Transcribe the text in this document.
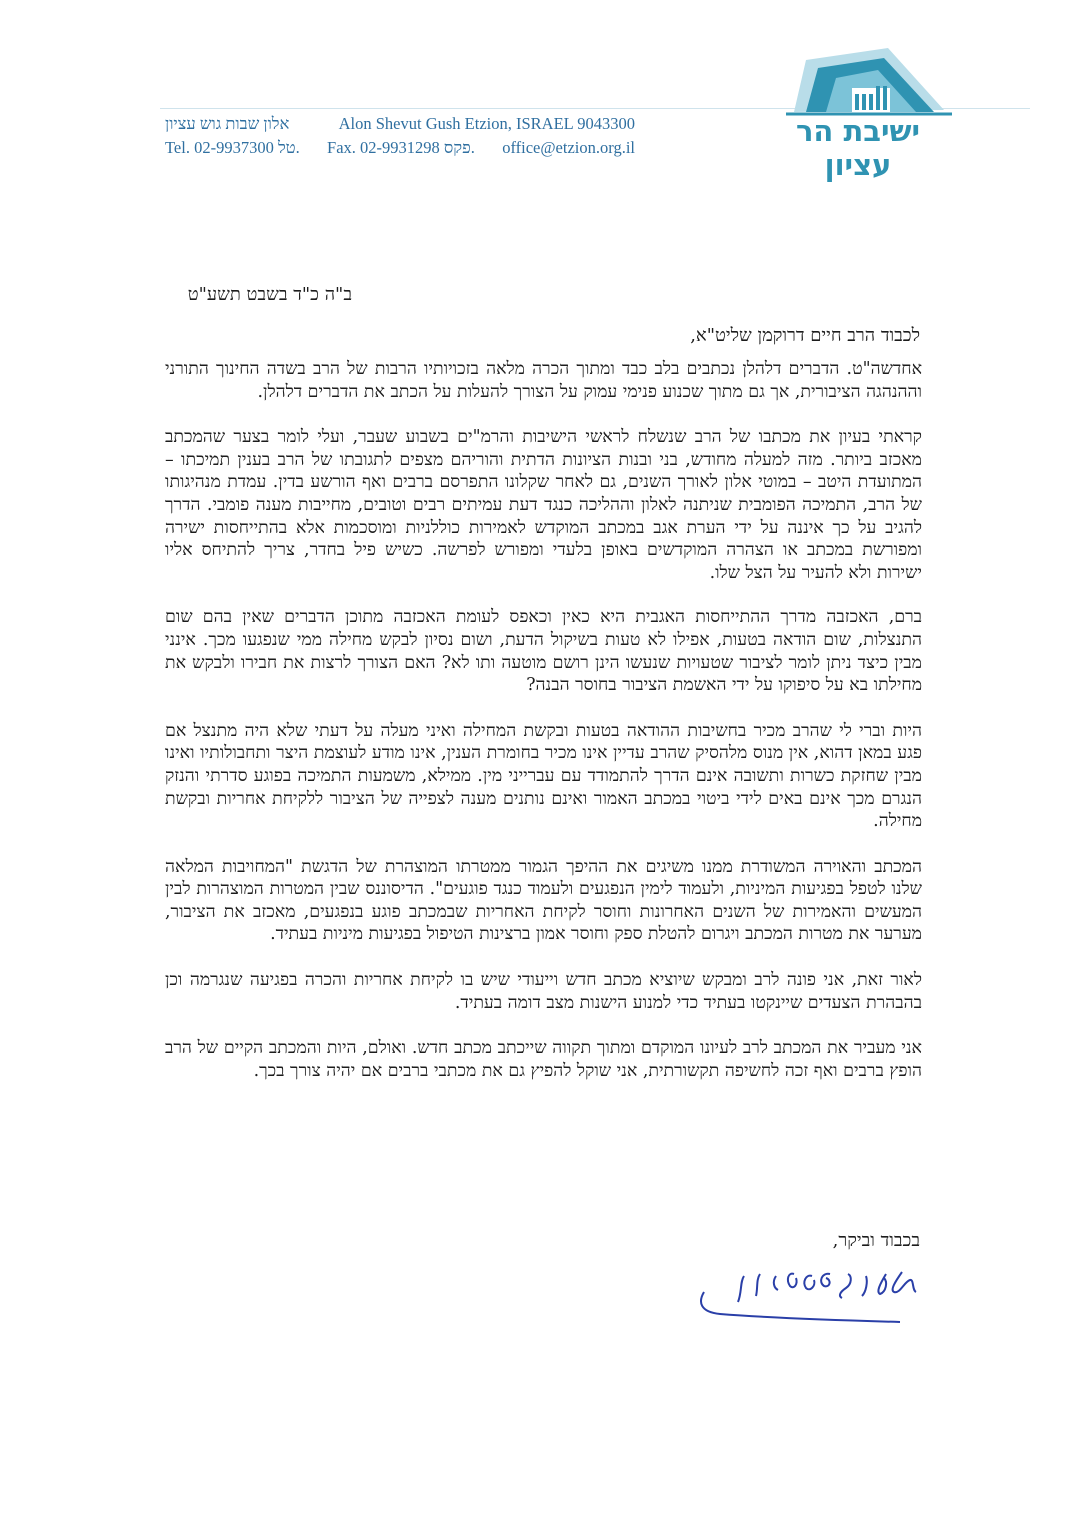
ישיבת הר עציון
אלון שבות גוש עציון	Alon Shevut Gush Etzion, ISRAEL 9043300
Tel. 02-9937300 טל. Fax. 02-9931298 פקס. office@etzion.org.il
ב"ה כ"ד בשבט תשע"ט
לכבוד הרב חיים דרוקמן שליט"א,

אחדשה"ט. הדברים דלהלן נכתבים בלב כבד ומתוך הכרה מלאה בזכויותיו הרבות של הרב בשדה החינוך התורני וההנהגה הציבורית, אך גם מתוך שכנוע פנימי עמוק על הצורך להעלות על הכתב את הדברים דלהלן.

קראתי בעיון את מכתבו של הרב שנשלח לראשי הישיבות והרמ"ים בשבוע שעבר, ועלי לומר בצער שהמכתב מאכזב ביותר. מזה למעלה מחודש, בני ובנות הציונות הדתית והוריהם מצפים לתגובתו של הרב בענין תמיכתו – המתועדת היטב – במוטי אלון לאורך השנים, גם לאחר שקלונו התפרסם ברבים ואף הורשע בדין. עמדת מנהיגותו של הרב, התמיכה הפומבית שניתנה לאלון וההליכה כנגד דעת עמיתים רבים וטובים, מחייבות מענה פומבי. הדרך להגיב על כך איננה על ידי הערת אגב במכתב המוקדש לאמירות כוללניות ומוסכמות אלא בהתייחסות ישירה ומפורשת במכתב או הצהרה המוקדשים באופן בלעדי ומפורש לפרשה. כשיש פיל בחדר, צריך להתיחס אליו ישירות ולא להעיר על הצל שלו.

ברם, האכזבה מדרך ההתייחסות האגבית היא כאין וכאפס לעומת האכזבה מתוכן הדברים שאין בהם שום התנצלות, שום הודאה בטעות, אפילו לא טעות בשיקול הדעת, ושום נסיון לבקש מחילה ממי שנפגעו מכך. אינני מבין כיצד ניתן לומר לציבור שטעויות שנעשו הינן רושם מוטעה ותו לא? האם הצורך לרצות את חבירו ולבקש את מחילתו בא על סיפוקו על ידי האשמת הציבור בחוסר הבנה?

היות וברי לי שהרב מכיר בחשיבות ההודאה בטעות ובקשת המחילה ואיני מעלה על דעתי שלא היה מתנצל אם פגע במאן דהוא, אין מנוס מלהסיק שהרב עדיין אינו מכיר בחומרת הענין, אינו מודע לעוצמת היצר ותחבולותיו ואינו מבין שחזקת כשרות ותשובה אינם הדרך להתמודד עם עברייני מין. ממילא, משמעות התמיכה בפוגע סדרתי והנזק הנגרם מכך אינם באים לידי ביטוי במכתב האמור ואינם נותנים מענה לצפייה של הציבור ללקיחת אחריות ובקשת מחילה.

המכתב והאוירה המשודרת ממנו משיגים את ההיפך הגמור ממטרתו המוצהרת של הדגשת "המחויבות המלאה שלנו לטפל בפגיעות המיניות, ולעמוד לימין הנפגעים ולעמוד כנגד פוגעים". הדיסוננס שבין המטרות המוצהרות לבין המעשים והאמירות של השנים האחרונות וחוסר לקיחת האחריות שבמכתב פוגע בנפגעים, מאכזב את הציבור, מערער את מטרות המכתב ויגרום להטלת ספק וחוסר אמון ברצינות הטיפול בפגיעות מיניות בעתיד.

לאור זאת, אני פונה לרב ומבקש שיוציא מכתב חדש וייעודי שיש בו לקיחת אחריות והכרה בפגיעה שנגרמה וכן בהבהרת הצעדים שיינקטו בעתיד כדי למנוע הישנות מצב דומה בעתיד.

אני מעביר את המכתב לרב לעיונו המוקדם ומתוך תקווה שייכתב מכתב חדש. ואולם, היות והמכתב הקיים של הרב הופץ ברבים ואף זכה לחשיפה תקשורתית, אני שוקל להפיץ גם את מכתבי ברבים אם יהיה צורך בכך.

בכבוד וביקר,
